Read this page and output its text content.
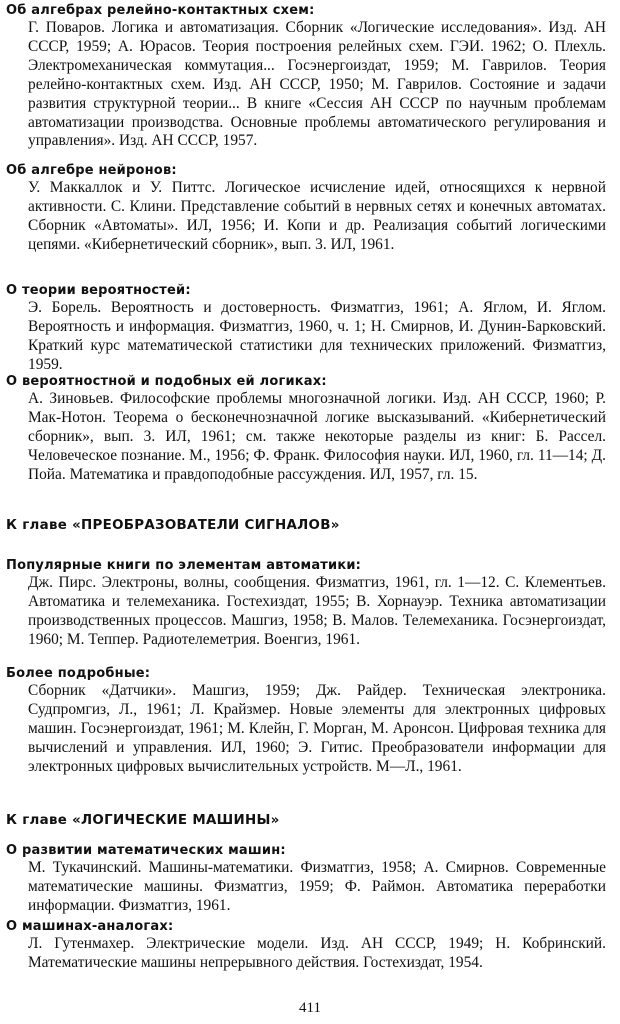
Об алгебрах релейно-контактных схем:

Г. Поваров. Логика и автоматизация. Сборник «Логические исследования». Изд. АН СССР, 1959; А. Юрасов. Теория построения релейных схем. ГЭИ. 1962; О. Плехль. Электромеханическая коммутация... Госэнергоиздат, 1959; М. Гаврилов. Теория релейно-контактных схем. Изд. АН СССР, 1950; М. Гаврилов. Состояние и задачи развития структурной теории... В книге «Сессия АН СССР по научным проблемам автоматизации производства. Основные проблемы автоматического регулирования и управления». Изд. АН СССР, 1957.

Об алгебре нейронов:

У. Маккаллок и У. Питтс. Логическое исчисление идей, относящихся к нервной активности. С. Клини. Представление событий в нервных сетях и конечных автоматах. Сборник «Автоматы». ИЛ, 1956; И. Копи и др. Реализация событий логическими цепями. «Кибернетический сборник», вып. 3. ИЛ, 1961.

О теории вероятностей:

Э. Борель. Вероятность и достоверность. Физматгиз, 1961; А. Яглом, И. Яглом. Вероятность и информация. Физматгиз, 1960, ч. 1; Н. Смирнов, И. Дунин-Барковский. Краткий курс математической статистики для технических приложений. Физматгиз, 1959.

О вероятностной и подобных ей логиках:

А. Зиновьев. Философские проблемы многозначной логики. Изд. АН СССР, 1960; Р. Мак-Нотон. Теорема о бесконечнозначной логике высказываний. «Кибернетический сборник», вып. 3. ИЛ, 1961; см. также некоторые разделы из книг: Б. Рассел. Человеческое познание. М., 1956; Ф. Франк. Философия науки. ИЛ, 1960, гл. 11—14; Д. Пойа. Математика и правдоподобные рассуждения. ИЛ, 1957, гл. 15.

К главе «ПРЕОБРАЗОВАТЕЛИ СИГНАЛОВ»

Популярные книги по элементам автоматики:

Дж. Пирс. Электроны, волны, сообщения. Физматгиз, 1961, гл. 1—12. С. Клементьев. Автоматика и телемеханика. Гостехиздат, 1955; В. Хорнауэр. Техника автоматизации производственных процессов. Машгиз, 1958; В. Малов. Телемеханика. Госэнергоиздат, 1960; М. Теппер. Радиотелеметрия. Военгиз, 1961.

Более подробные:

Сборник «Датчики». Машгиз, 1959; Дж. Райдер. Техническая электроника. Судпромгиз, Л., 1961; Л. Крайзмер. Новые элементы для электронных цифровых машин. Госэнергоиздат, 1961; М. Клейн, Г. Морган, М. Аронсон. Цифровая техника для вычислений и управления. ИЛ, 1960; Э. Гитис. Преобразователи информации для электронных цифровых вычислительных устройств. М—Л., 1961.

К главе «ЛОГИЧЕСКИЕ МАШИНЫ»

О развитии математических машин:

М. Тукачинский. Машины-математики. Физматгиз, 1958; А. Смирнов. Современные математические машины. Физматгиз, 1959; Ф. Раймон. Автоматика переработки информации. Физматгиз, 1961.

О машинах-аналогах:

Л. Гутенмахер. Электрические модели. Изд. АН СССР, 1949; Н. Кобринский. Математические машины непрерывного действия. Гостехиздат, 1954.

411
